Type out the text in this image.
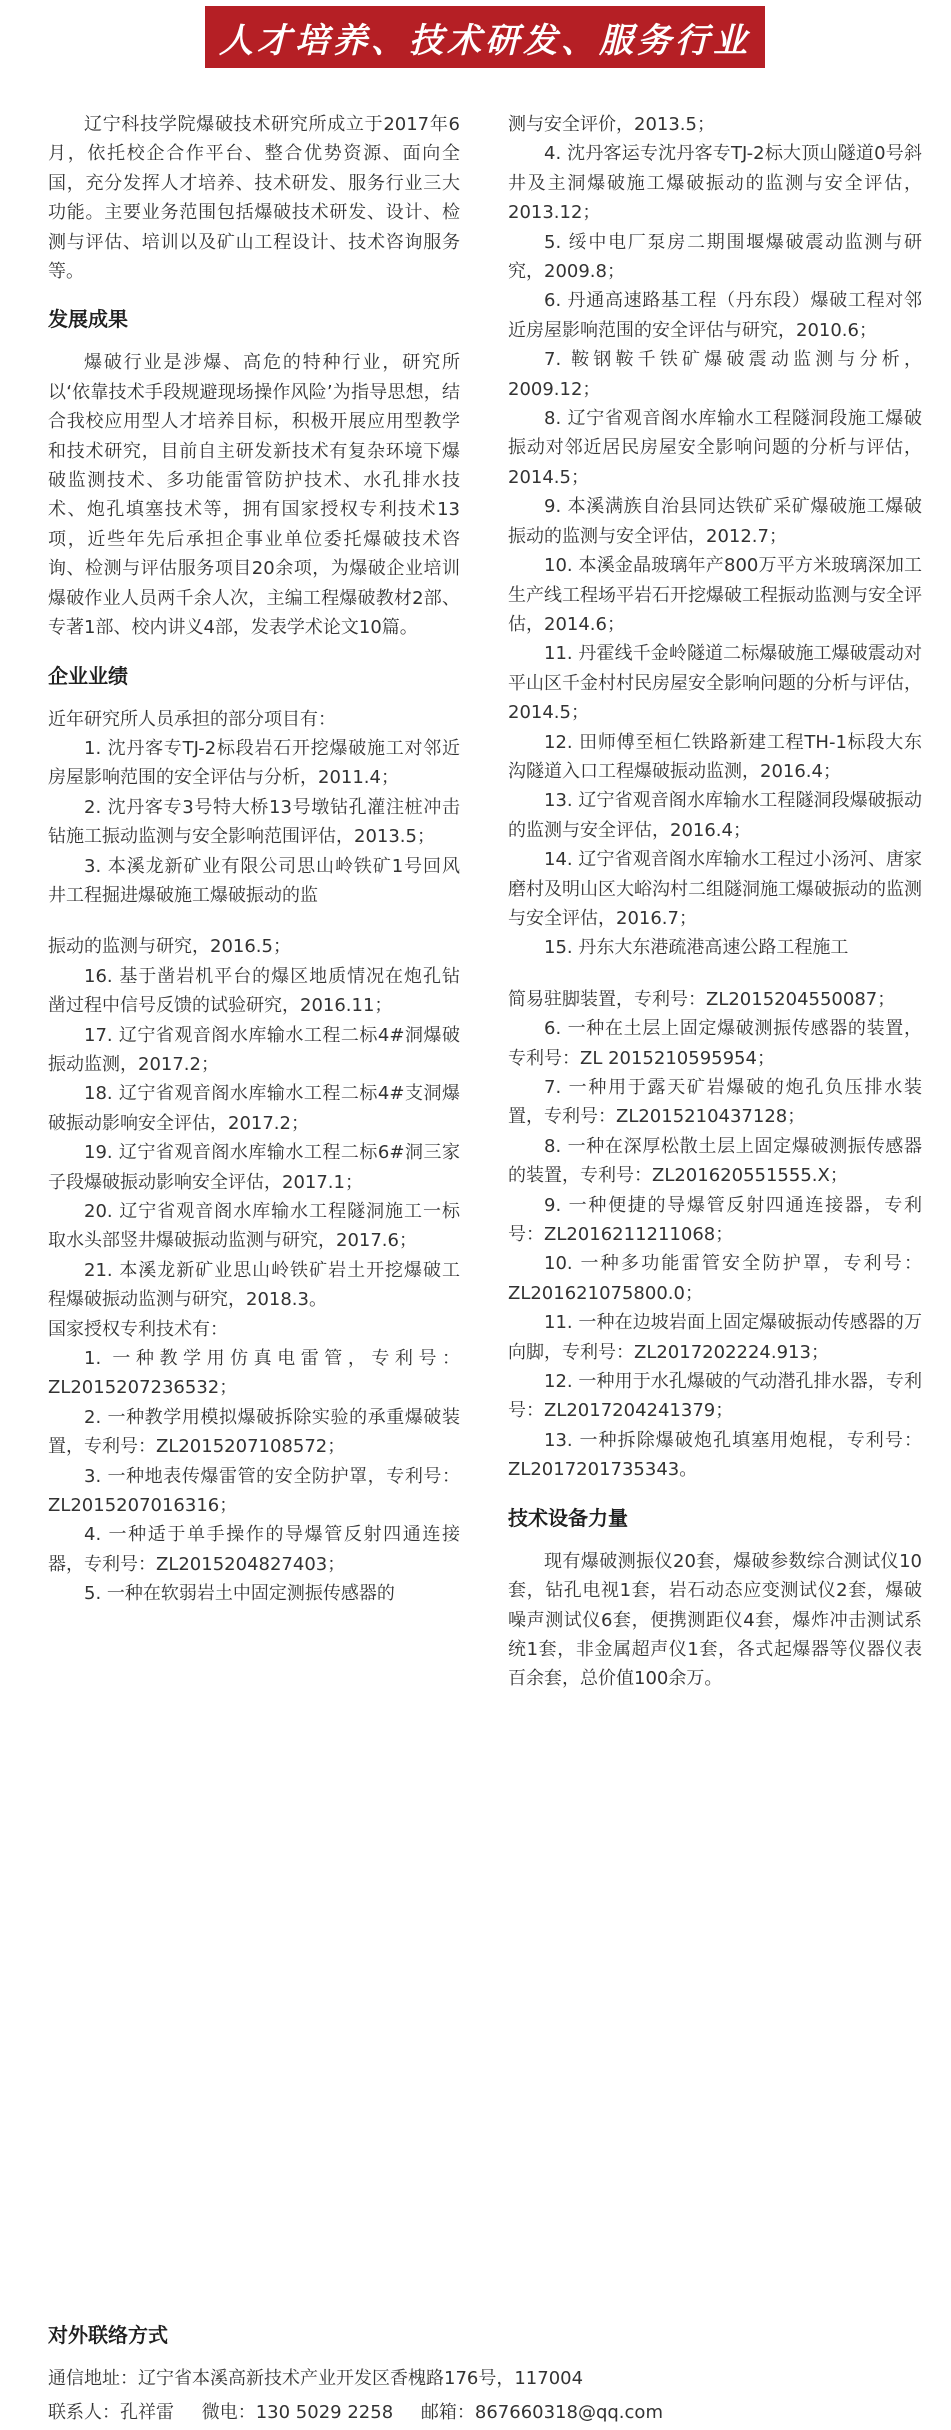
人才培养、技术研发、服务行业

辽宁科技学院爆破技术研究所成立于2017年6月，依托校企合作平台、整合优势资源、面向全国，充分发挥人才培养、技术研发、服务行业三大功能。主要业务范围包括爆破技术研发、设计、检测与评估、培训以及矿山工程设计、技术咨询服务等。

发展成果

爆破行业是涉爆、高危的特种行业，研究所以‘依靠技术手段规避现场操作风险’为指导思想，结合我校应用型人才培养目标，积极开展应用型教学和技术研究，目前自主研发新技术有复杂环境下爆破监测技术、多功能雷管防护技术、水孔排水技术、炮孔填塞技术等，拥有国家授权专利技术13项，近些年先后承担企事业单位委托爆破技术咨询、检测与评估服务项目20余项，为爆破企业培训爆破作业人员两千余人次，主编工程爆破教材2部、专著1部、校内讲义4部，发表学术论文10篇。

企业业绩

近年研究所人员承担的部分项目有：

1. 沈丹客专TJ-2标段岩石开挖爆破施工对邻近房屋影响范围的安全评估与分析，2011.4；

2. 沈丹客专3号特大桥13号墩钻孔灌注桩冲击钻施工振动监测与安全影响范围评估，2013.5；

3. 本溪龙新矿业有限公司思山岭铁矿1号回风井工程掘进爆破施工爆破振动的监

振动的监测与研究，2016.5；

16. 基于凿岩机平台的爆区地质情况在炮孔钻凿过程中信号反馈的试验研究，2016.11；

17. 辽宁省观音阁水库输水工程二标4#洞爆破振动监测，2017.2；

18. 辽宁省观音阁水库输水工程二标4#支洞爆破振动影响安全评估，2017.2；

19. 辽宁省观音阁水库输水工程二标6#洞三家子段爆破振动影响安全评估，2017.1；

20. 辽宁省观音阁水库输水工程隧洞施工一标取水头部竖井爆破振动监测与研究，2017.6；

21. 本溪龙新矿业思山岭铁矿岩土开挖爆破工程爆破振动监测与研究，2018.3。

国家授权专利技术有：

1. 一种教学用仿真电雷管，专利号：ZL2015207236532；

2. 一种教学用模拟爆破拆除实验的承重爆破装置，专利号：ZL2015207108572；

3. 一种地表传爆雷管的安全防护罩，专利号：ZL2015207016316；

4. 一种适于单手操作的导爆管反射四通连接器，专利号：ZL2015204827403；

5. 一种在软弱岩土中固定测振传感器的

测与安全评价，2013.5；

4. 沈丹客运专沈丹客专TJ-2标大顶山隧道0号斜井及主洞爆破施工爆破振动的监测与安全评估，2013.12；

5. 绥中电厂泵房二期围堰爆破震动监测与研究，2009.8；

6. 丹通高速路基工程（丹东段）爆破工程对邻近房屋影响范围的安全评估与研究，2010.6；

7. 鞍钢鞍千铁矿爆破震动监测与分析，2009.12；

8. 辽宁省观音阁水库输水工程隧洞段施工爆破振动对邻近居民房屋安全影响问题的分析与评估，2014.5；

9. 本溪满族自治县同达铁矿采矿爆破施工爆破振动的监测与安全评估，2012.7；

10. 本溪金晶玻璃年产800万平方米玻璃深加工生产线工程场平岩石开挖爆破工程振动监测与安全评估，2014.6；

11. 丹霍线千金岭隧道二标爆破施工爆破震动对平山区千金村村民房屋安全影响问题的分析与评估，2014.5；

12. 田师傅至桓仁铁路新建工程TH-1标段大东沟隧道入口工程爆破振动监测，2016.4；

13. 辽宁省观音阁水库输水工程隧洞段爆破振动的监测与安全评估，2016.4；

14. 辽宁省观音阁水库输水工程过小汤河、唐家磨村及明山区大峪沟村二组隧洞施工爆破振动的监测与安全评估，2016.7；

15. 丹东大东港疏港高速公路工程施工

简易驻脚装置，专利号：ZL2015204550087；

6. 一种在土层上固定爆破测振传感器的装置，专利号：ZL 2015210595954；

7. 一种用于露天矿岩爆破的炮孔负压排水装置，专利号：ZL2015210437128；

8. 一种在深厚松散土层上固定爆破测振传感器的装置，专利号：ZL201620551555.X；

9. 一种便捷的导爆管反射四通连接器，专利号：ZL2016211211068；

10. 一种多功能雷管安全防护罩，专利号：ZL201621075800.0；

11. 一种在边坡岩面上固定爆破振动传感器的万向脚，专利号：ZL2017202224.913；

12. 一种用于水孔爆破的气动潜孔排水器，专利号：ZL2017204241379；

13. 一种拆除爆破炮孔填塞用炮棍，专利号：ZL2017201735343。

技术设备力量

现有爆破测振仪20套，爆破参数综合测试仪10套，钻孔电视1套，岩石动态应变测试仪2套，爆破噪声测试仪6套，便携测距仪4套，爆炸冲击测试系统1套，非金属超声仪1套，各式起爆器等仪器仪表百余套，总价值100余万。

对外联络方式
通信地址：辽宁省本溪高新技术产业开发区香槐路176号，117004
联系人：孔祥雷 微电：130 5029 2258 邮箱：867660318@qq.com
